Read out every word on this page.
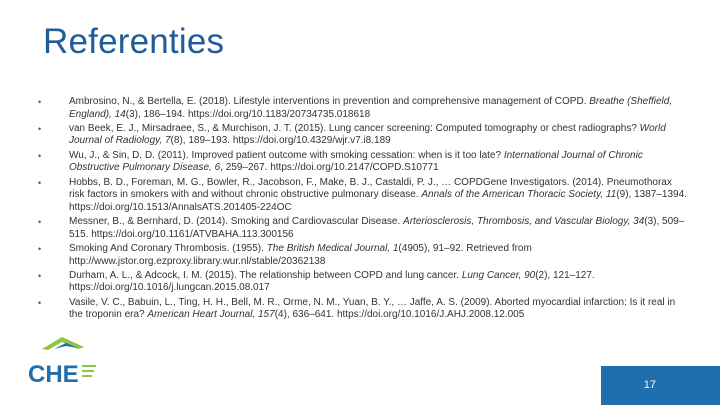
Referenties
•	Ambrosino, N., & Bertella, E. (2018). Lifestyle interventions in prevention and comprehensive management of COPD. Breathe (Sheffield, England), 14(3), 186–194. https://doi.org/10.1183/20734735.018618
•	van Beek, E. J., Mirsadraee, S., & Murchison, J. T. (2015). Lung cancer screening: Computed tomography or chest radiographs? World Journal of Radiology, 7(8), 189–193. https://doi.org/10.4329/wjr.v7.i8.189
•	Wu, J., & Sin, D. D. (2011). Improved patient outcome with smoking cessation: when is it too late? International Journal of Chronic Obstructive Pulmonary Disease, 6, 259–267. https://doi.org/10.2147/COPD.S10771
•	Hobbs, B. D., Foreman, M. G., Bowler, R., Jacobson, F., Make, B. J., Castaldi, P. J., … COPDGene Investigators. (2014). Pneumothorax risk factors in smokers with and without chronic obstructive pulmonary disease. Annals of the American Thoracic Society, 11(9), 1387–1394. https://doi.org/10.1513/AnnalsATS.201405-224OC
•	Messner, B., & Bernhard, D. (2014). Smoking and Cardiovascular Disease. Arteriosclerosis, Thrombosis, and Vascular Biology, 34(3), 509–515. https://doi.org/10.1161/ATVBAHA.113.300156
•	Smoking And Coronary Thrombosis. (1955). The British Medical Journal, 1(4905), 91–92. Retrieved from http://www.jstor.org.ezproxy.library.wur.nl/stable/20362138
•	Durham, A. L., & Adcock, I. M. (2015). The relationship between COPD and lung cancer. Lung Cancer, 90(2), 121–127. https://doi.org/10.1016/j.lungcan.2015.08.017
•	Vasile, V. C., Babuin, L., Ting, H. H., Bell, M. R., Orme, N. M., Yuan, B. Y., … Jaffe, A. S. (2009). Aborted myocardial infarction: Is it real in the troponin era? American Heart Journal, 157(4), 636–641. https://doi.org/10.1016/J.AHJ.2008.12.005
CHE	17
